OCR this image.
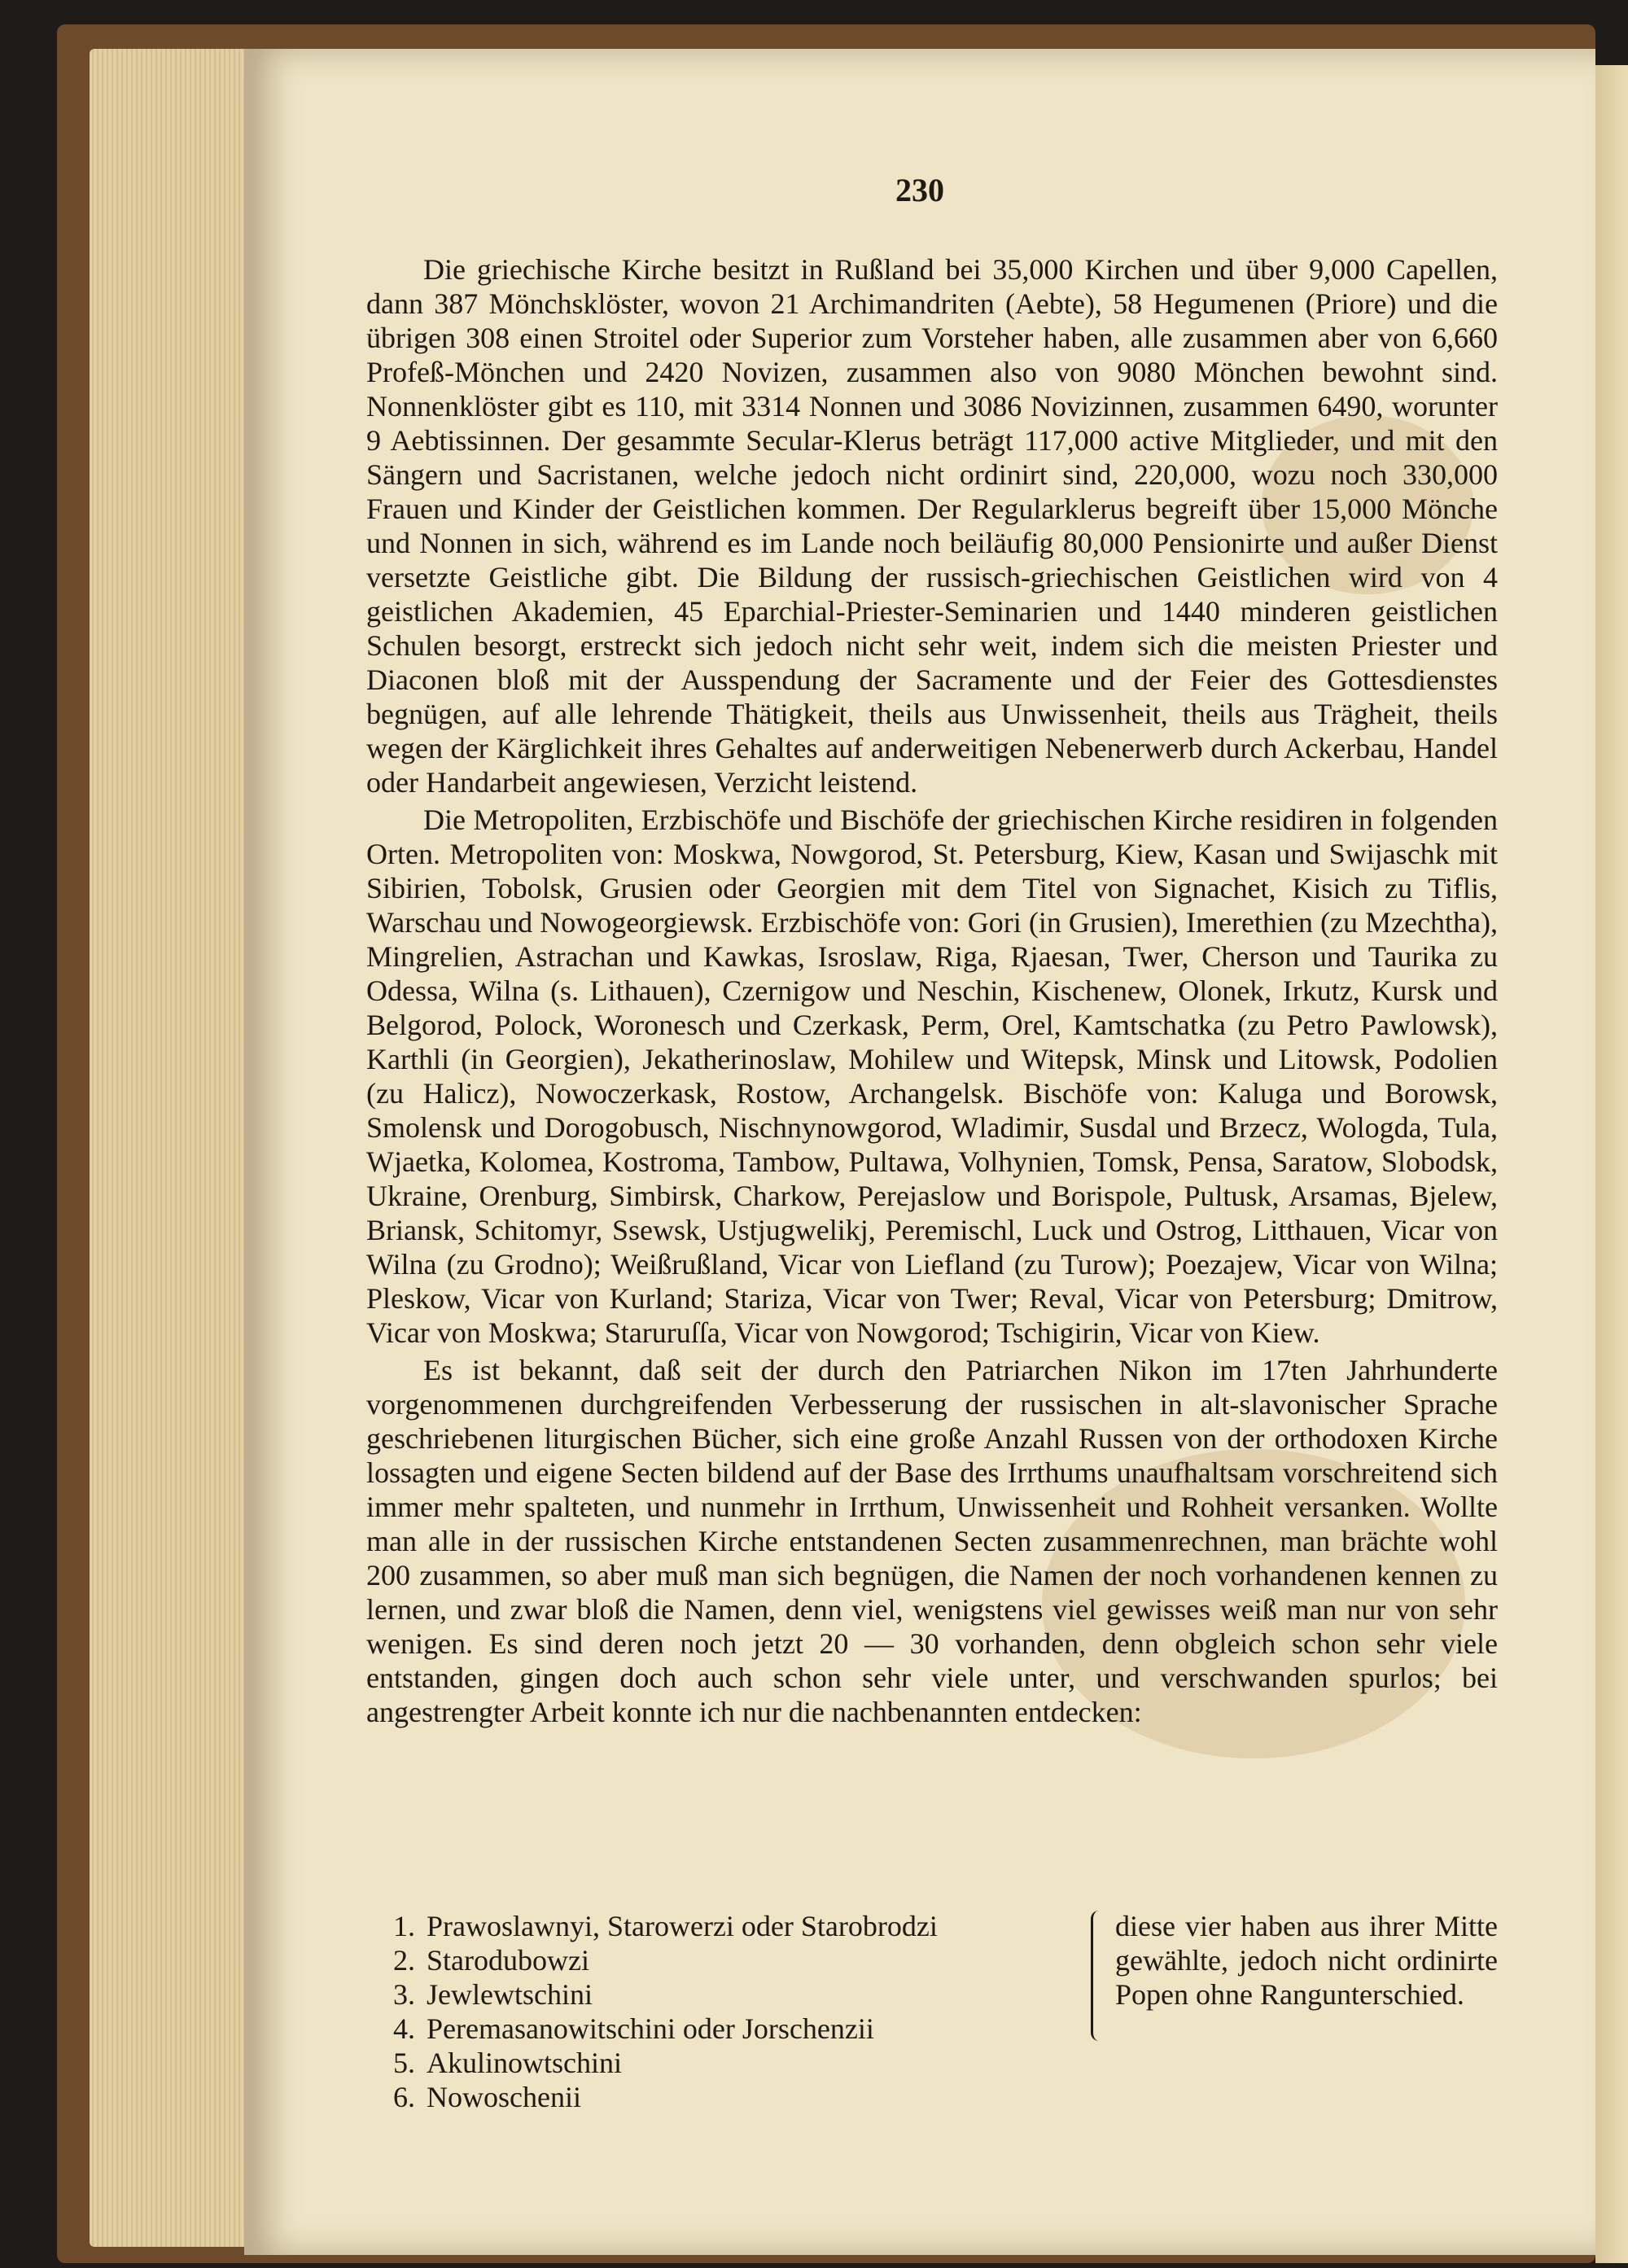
230

Die griechische Kirche besitzt in Rußland bei 35,000 Kirchen und über 9,000 Capellen, dann 387 Mönchsklöster, wovon 21 Archimandriten (Aebte), 58 Hegumenen (Priore) und die übrigen 308 einen Stroitel oder Superior zum Vorsteher haben, alle zusammen aber von 6,660 Profeß-Mönchen und 2420 Novizen, zusammen also von 9080 Mönchen bewohnt sind. Nonnenklöster gibt es 110, mit 3314 Nonnen und 3086 Novizinnen, zusammen 6490, worunter 9 Aebtissinnen. Der gesammte Secular-Klerus beträgt 117,000 active Mitglieder, und mit den Sängern und Sacristanen, welche jedoch nicht ordinirt sind, 220,000, wozu noch 330,000 Frauen und Kinder der Geistlichen kommen. Der Regularklerus begreift über 15,000 Mönche und Nonnen in sich, während es im Lande noch beiläufig 80,000 Pensionirte und außer Dienst versetzte Geistliche gibt. Die Bildung der russisch-griechischen Geistlichen wird von 4 geistlichen Akademien, 45 Eparchial-Priester-Seminarien und 1440 minderen geistlichen Schulen besorgt, erstreckt sich jedoch nicht sehr weit, indem sich die meisten Priester und Diaconen bloß mit der Ausspendung der Sacramente und der Feier des Gottesdienstes begnügen, auf alle lehrende Thätigkeit, theils aus Unwissenheit, theils aus Trägheit, theils wegen der Kärglichkeit ihres Gehaltes auf anderweitigen Nebenerwerb durch Ackerbau, Handel oder Handarbeit angewiesen, Verzicht leistend.

Die Metropoliten, Erzbischöfe und Bischöfe der griechischen Kirche residiren in folgenden Orten. Metropoliten von: Moskwa, Nowgorod, St. Petersburg, Kiew, Kasan und Swijaschk mit Sibirien, Tobolsk, Grusien oder Georgien mit dem Titel von Signachet, Kisich zu Tiflis, Warschau und Nowogeorgiewsk. Erzbischöfe von: Gori (in Grusien), Imerethien (zu Mzechtha), Mingrelien, Astrachan und Kawkas, Isroslaw, Riga, Rjaesan, Twer, Cherson und Taurika zu Odessa, Wilna (s. Lithauen), Czernigow und Neschin, Kischenew, Olonek, Irkutz, Kursk und Belgorod, Polock, Woronesch und Czerkask, Perm, Orel, Kamtschatka (zu Petro Pawlowsk), Karthli (in Georgien), Jekatherinoslaw, Mohilew und Witepsk, Minsk und Litowsk, Podolien (zu Halicz), Nowoczerkask, Rostow, Archangelsk. Bischöfe von: Kaluga und Borowsk, Smolensk und Dorogobusch, Nischnynowgorod, Wladimir, Susdal und Brzecz, Wologda, Tula, Wjaetka, Kolomea, Kostroma, Tambow, Pultawa, Volhynien, Tomsk, Pensa, Saratow, Slobodsk, Ukraine, Orenburg, Simbirsk, Charkow, Perejaslow und Borispole, Pultusk, Arsamas, Bjelew, Briansk, Schitomyr, Ssewsk, Ustjugwelikj, Peremischl, Luck und Ostrog, Litthauen, Vicar von Wilna (zu Grodno); Weißrußland, Vicar von Liefland (zu Turow); Poezajew, Vicar von Wilna; Pleskow, Vicar von Kurland; Stariza, Vicar von Twer; Reval, Vicar von Petersburg; Dmitrow, Vicar von Moskwa; Staruruſſa, Vicar von Nowgorod; Tschigirin, Vicar von Kiew.

Es ist bekannt, daß seit der durch den Patriarchen Nikon im 17ten Jahrhunderte vorgenommenen durchgreifenden Verbesserung der russischen in alt-slavonischer Sprache geschriebenen liturgischen Bücher, sich eine große Anzahl Russen von der orthodoxen Kirche lossagten und eigene Secten bildend auf der Base des Irrthums unaufhaltsam vorschreitend sich immer mehr spalteten, und nunmehr in Irrthum, Unwissenheit und Rohheit versanken. Wollte man alle in der russischen Kirche entstandenen Secten zusammenrechnen, man brächte wohl 200 zusammen, so aber muß man sich begnügen, die Namen der noch vorhandenen kennen zu lernen, und zwar bloß die Namen, denn viel, wenigstens viel gewisses weiß man nur von sehr wenigen. Es sind deren noch jetzt 20 — 30 vorhanden, denn obgleich schon sehr viele entstanden, gingen doch auch schon sehr viele unter, und verschwanden spurlos; bei angestrengter Arbeit konnte ich nur die nachbenannten entdecken:

1. Prawoslawnyi, Starowerzi oder Starobrodzi
2. Starodubowzi
3. Jewlewtschini
4. Peremasanowitschini oder Jorschenzii
5. Akulinowtschini
6. Nowoschenii
diese vier haben aus ihrer Mitte gewählte, jedoch nicht ordinirte Popen ohne Rangunterschied.
